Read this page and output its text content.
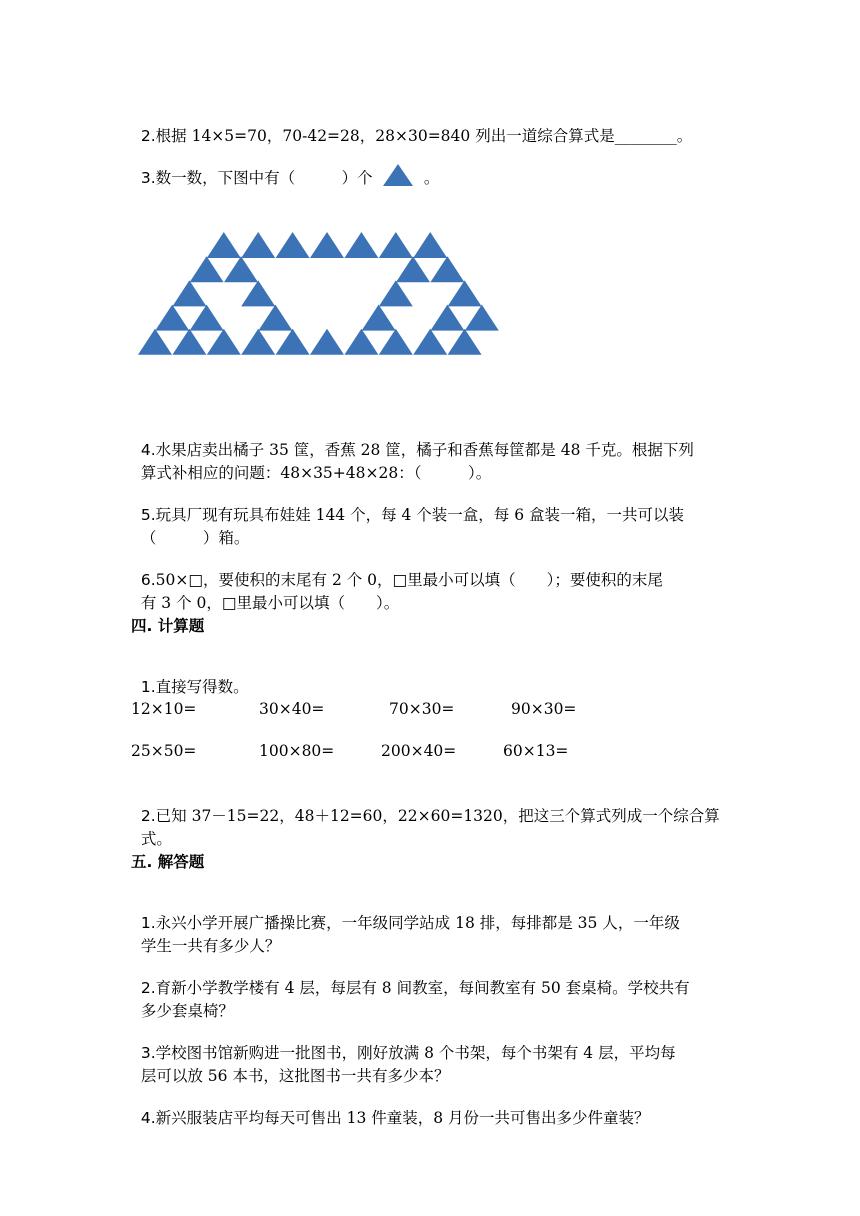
2.根据 14×5=70，70-42=28，28×30=840 列出一道综合算式是________。

3.数一数，下图中有（　　　）个	。

4.水果店卖出橘子 35 筐，香蕉 28 筐，橘子和香蕉每筐都是 48 千克。根据下列

算式补相应的问题：48×35+48×28：（　　　）。

5.玩具厂现有玩具布娃娃 144 个，每 4 个装一盒，每 6 盒装一箱，一共可以装

（　　　）箱。

6.50×□，要使积的末尾有 2 个 0，□里最小可以填（　　）；要使积的末尾

有 3 个 0，□里最小可以填（　　）。

四. 计算题

1.直接写得数。

12×10=	30×40=	70×30=	90×30=
25×50=	100×80=	200×40=	60×13=

2.已知 37－15=22，48＋12=60，22×60=1320，把这三个算式列成一个综合算

式。

五. 解答题

1.永兴小学开展广播操比赛，一年级同学站成 18 排，每排都是 35 人，一年级

学生一共有多少人？

2.育新小学教学楼有 4 层，每层有 8 间教室，每间教室有 50 套桌椅。学校共有

多少套桌椅？

3.学校图书馆新购进一批图书，刚好放满 8 个书架，每个书架有 4 层，平均每

层可以放 56 本书，这批图书一共有多少本？

4.新兴服装店平均每天可售出 13 件童装，8 月份一共可售出多少件童装？
